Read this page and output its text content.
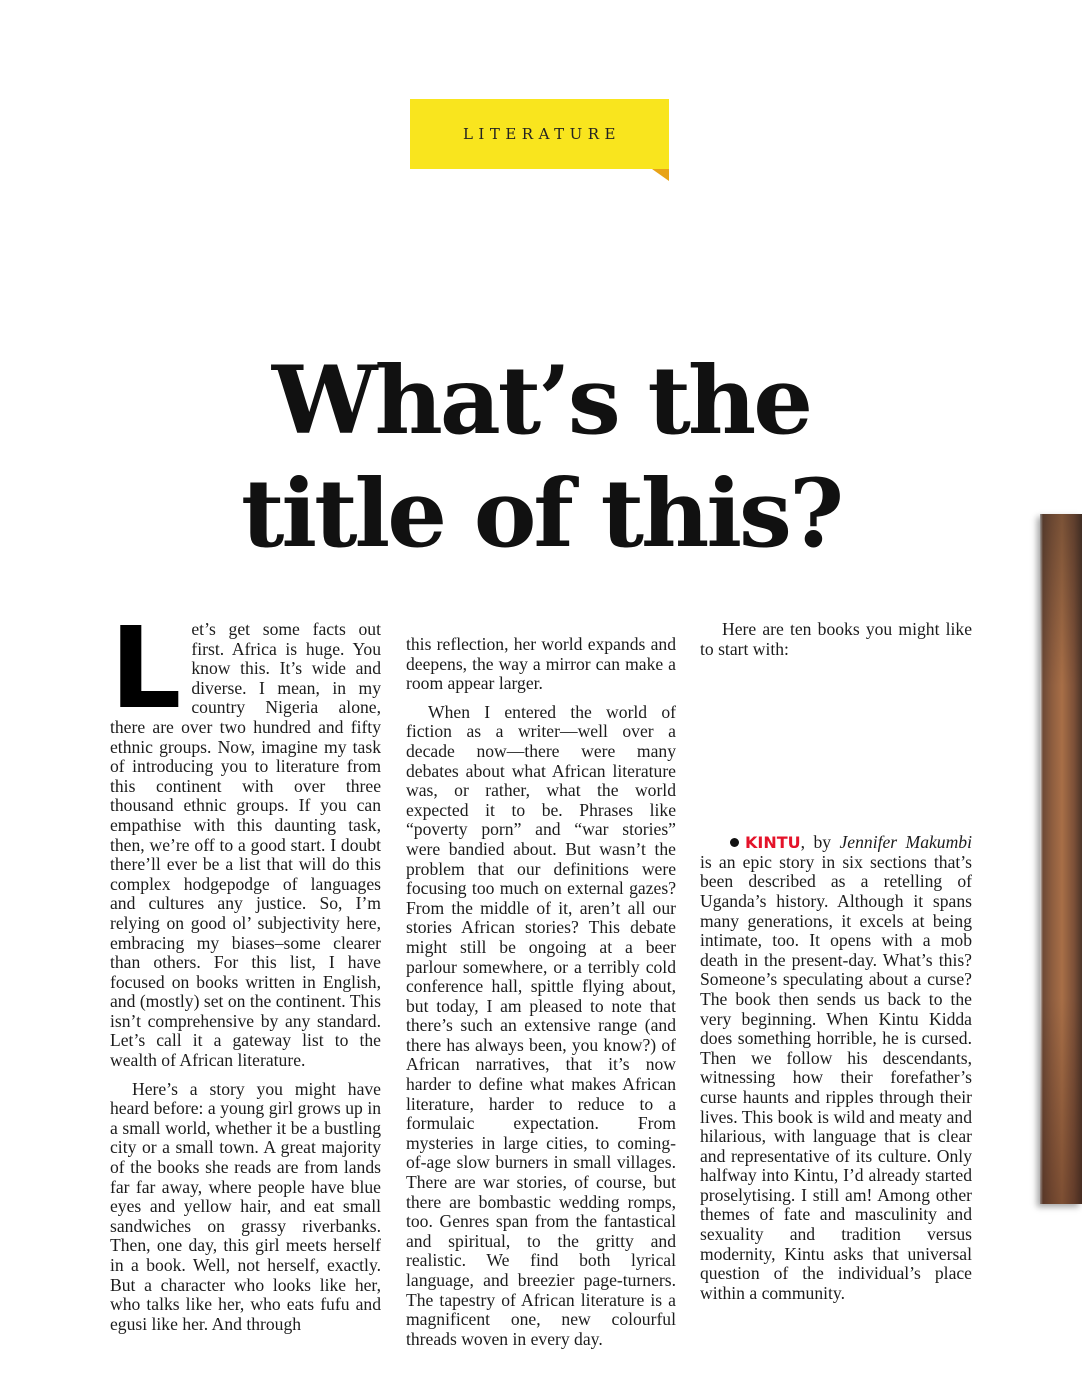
LITERATURE
What’s the
title of this?

Let’s get some facts out first. Africa is huge. You know this. It’s wide and diverse. I mean, in my country Nigeria alone, there are over two hundred and fifty ethnic groups. Now, imagine my task of introducing you to literature from this continent with over three thousand ethnic groups. If you can empathise with this daunting task, then, we’re off to a good start. I doubt there’ll ever be a list that will do this complex hodgepodge of languages and cultures any justice. So, I’m relying on good ol’ subjectivity here, embracing my biases–some clearer than others. For this list, I have focused on books written in English, and (mostly) set on the continent. This isn’t comprehensive by any standard. Let’s call it a gateway list to the wealth of African literature.

Here’s a story you might have heard before: a young girl grows up in a small world, whether it be a bustling city or a small town. A great majority of the books she reads are from lands far far away, where people have blue eyes and yellow hair, and eat small sandwiches on grassy riverbanks. Then, one day, this girl meets herself in a book. Well, not herself, exactly. But a character who looks like her, who talks like her, who eats fufu and egusi like her. And through

this reflection, her world expands and deepens, the way a mirror can make a room appear larger.

When I entered the world of fiction as a writer—well over a decade now—there were many debates about what African literature was, or rather, what the world expected it to be. Phrases like “poverty porn” and “war stories” were bandied about. But wasn’t the problem that our definitions were focusing too much on external gazes? From the middle of it, aren’t all our stories African stories? This debate might still be ongoing at a beer parlour somewhere, or a terribly cold conference hall, spittle flying about, but today, I am pleased to note that there’s such an extensive range (and there has always been, you know?) of African narratives, that it’s now harder to define what makes African literature, harder to reduce to a formulaic expectation. From mysteries in large cities, to coming-of-age slow burners in small villages. There are war stories, of course, but there are bombastic wedding romps, too. Genres span from the fantastical and spiritual, to the gritty and realistic. We find both lyrical language, and breezier page-turners. The tapestry of African literature is a magnificent one, new colourful threads woven in every day.

Here are ten books you might like to start with:

KINTU, by Jennifer Makumbi is an epic story in six sections that’s been described as a retelling of Uganda’s history. Although it spans many generations, it excels at being intimate, too. It opens with a mob death in the present-day. What’s this? Someone’s speculating about a curse? The book then sends us back to the very beginning. When Kintu Kidda does something horrible, he is cursed. Then we follow his descendants, witnessing how their forefather’s curse haunts and ripples through their lives. This book is wild and meaty and hilarious, with language that is clear and representative of its culture. Only halfway into Kintu, I’d already started proselytising. I still am! Among other themes of fate and masculinity and sexuality and tradition versus modernity, Kintu asks that universal question of the individual’s place within a community.
